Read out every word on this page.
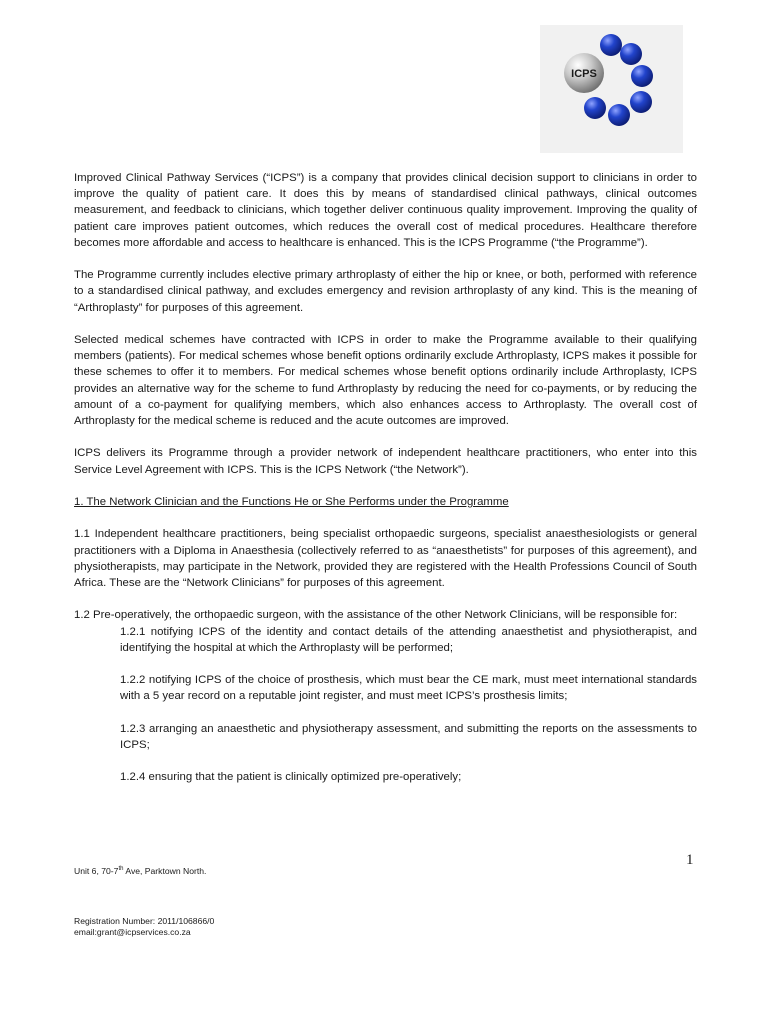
ICPS

Improved Clinical Pathway Services (“ICPS”) is a company that provides clinical decision support to clinicians in order to improve the quality of patient care. It does this by means of standardised clinical pathways, clinical outcomes measurement, and feedback to clinicians, which together deliver continuous quality improvement. Improving the quality of patient care improves patient outcomes, which reduces the overall cost of medical procedures. Healthcare therefore becomes more affordable and access to healthcare is enhanced. This is the ICPS Programme (“the Programme”).

The Programme currently includes elective primary arthroplasty of either the hip or knee, or both, performed with reference to a standardised clinical pathway, and excludes emergency and revision arthroplasty of any kind. This is the meaning of “Arthroplasty” for purposes of this agreement.

Selected medical schemes have contracted with ICPS in order to make the Programme available to their qualifying members (patients). For medical schemes whose benefit options ordinarily exclude Arthroplasty, ICPS makes it possible for these schemes to offer it to members. For medical schemes whose benefit options ordinarily include Arthroplasty, ICPS provides an alternative way for the scheme to fund Arthroplasty by reducing the need for co-payments, or by reducing the amount of a co-payment for qualifying members, which also enhances access to Arthroplasty. The overall cost of Arthroplasty for the medical scheme is reduced and the acute outcomes are improved.

ICPS delivers its Programme through a provider network of independent healthcare practitioners, who enter into this Service Level Agreement with ICPS. This is the ICPS Network (“the Network”).

1. The Network Clinician and the Functions He or She Performs under the Programme

1.1 Independent healthcare practitioners, being specialist orthopaedic surgeons, specialist anaesthesiologists or general practitioners with a Diploma in Anaesthesia (collectively referred to as “anaesthetists” for purposes of this agreement), and physiotherapists, may participate in the Network, provided they are registered with the Health Professions Council of South Africa. These are the “Network Clinicians” for purposes of this agreement.

1.2 Pre-operatively, the orthopaedic surgeon, with the assistance of the other Network Clinicians, will be responsible for:

1.2.1 notifying ICPS of the identity and contact details of the attending anaesthetist and physiotherapist, and identifying the hospital at which the Arthroplasty will be performed;

1.2.2 notifying ICPS of the choice of prosthesis, which must bear the CE mark, must meet international standards with a 5 year record on a reputable joint register, and must meet ICPS’s prosthesis limits;

1.2.3 arranging an anaesthetic and physiotherapy assessment, and submitting the reports on the assessments to ICPS;

1.2.4 ensuring that the patient is clinically optimized pre-operatively;

1
Unit 6, 70-7th Ave, Parktown North.
Registration Number: 2011/106866/0
email:grant@icpservices.co.za
